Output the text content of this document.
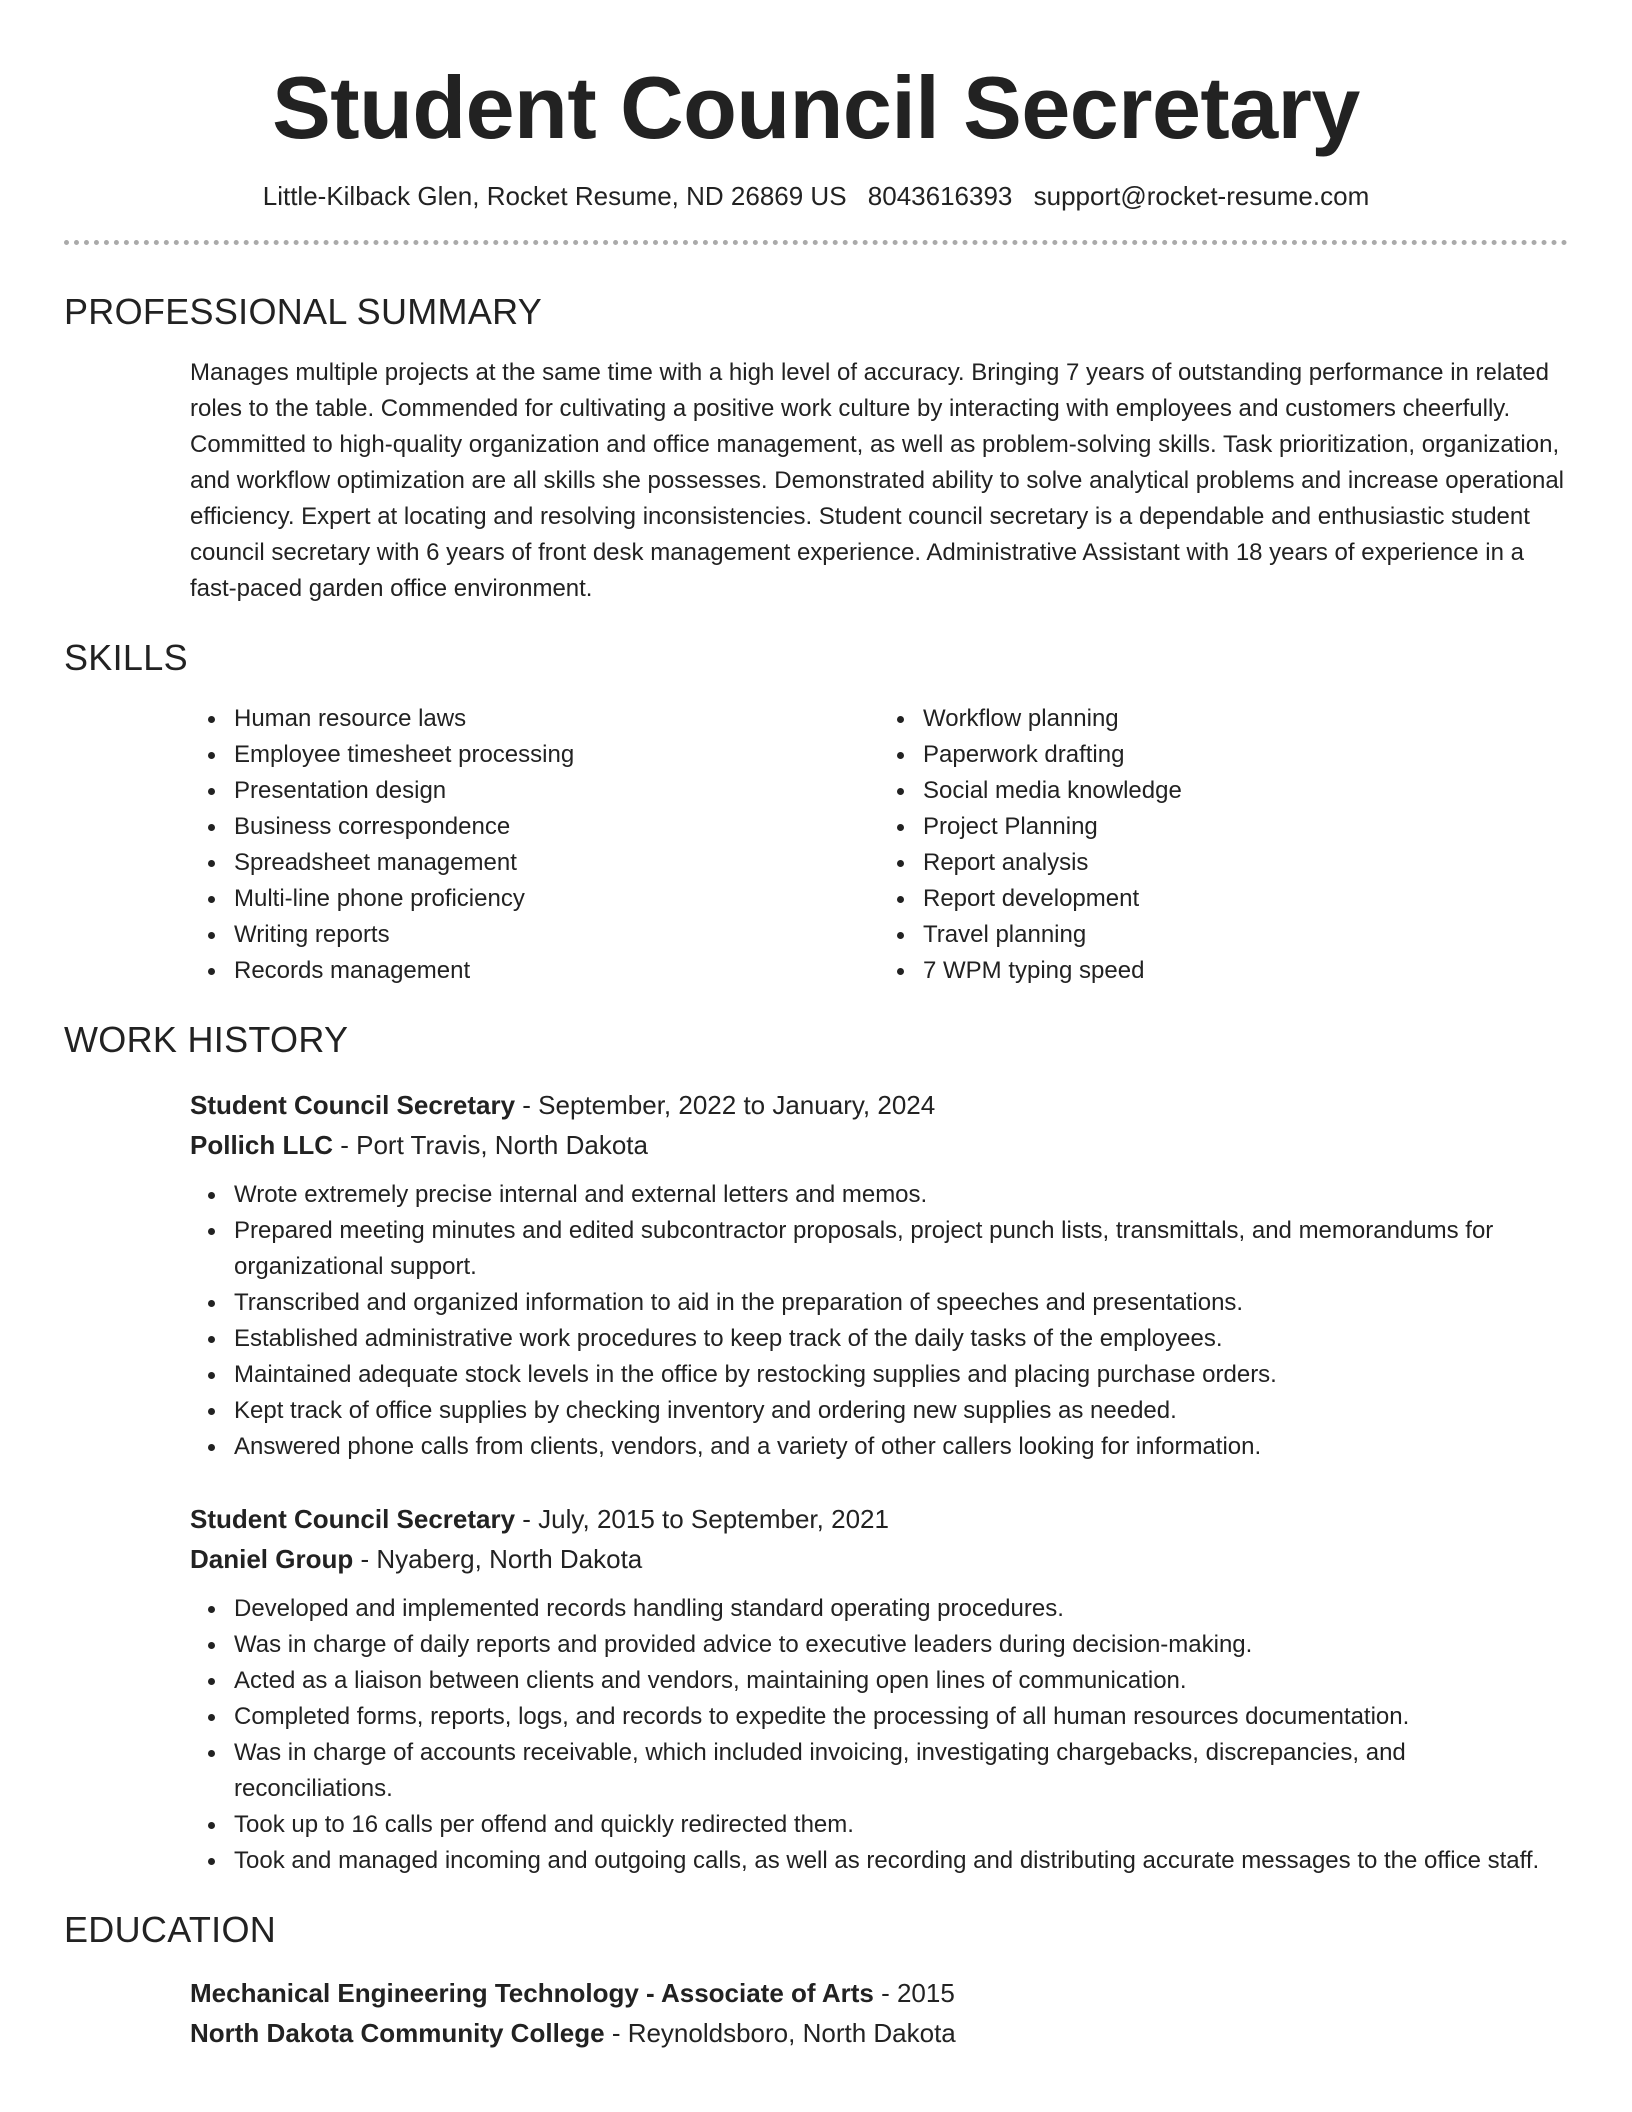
Student Council Secretary
Little-Kilback Glen, Rocket Resume, ND 26869 US 8043616393 support@rocket-resume.com
PROFESSIONAL SUMMARY
Manages multiple projects at the same time with a high level of accuracy. Bringing 7 years of outstanding performance in related roles to the table. Commended for cultivating a positive work culture by interacting with employees and customers cheerfully. Committed to high-quality organization and office management, as well as problem-solving skills. Task prioritization, organization, and workflow optimization are all skills she possesses. Demonstrated ability to solve analytical problems and increase operational efficiency. Expert at locating and resolving inconsistencies. Student council secretary is a dependable and enthusiastic student council secretary with 6 years of front desk management experience. Administrative Assistant with 18 years of experience in a fast-paced garden office environment.
SKILLS
Human resource laws
Employee timesheet processing
Presentation design
Business correspondence
Spreadsheet management
Multi-line phone proficiency
Writing reports
Records management
Workflow planning
Paperwork drafting
Social media knowledge
Project Planning
Report analysis
Report development
Travel planning
7 WPM typing speed
WORK HISTORY
Student Council Secretary - September, 2022 to January, 2024
Pollich LLC - Port Travis, North Dakota
Wrote extremely precise internal and external letters and memos.
Prepared meeting minutes and edited subcontractor proposals, project punch lists, transmittals, and memorandums for organizational support.
Transcribed and organized information to aid in the preparation of speeches and presentations.
Established administrative work procedures to keep track of the daily tasks of the employees.
Maintained adequate stock levels in the office by restocking supplies and placing purchase orders.
Kept track of office supplies by checking inventory and ordering new supplies as needed.
Answered phone calls from clients, vendors, and a variety of other callers looking for information.
Student Council Secretary - July, 2015 to September, 2021
Daniel Group - Nyaberg, North Dakota
Developed and implemented records handling standard operating procedures.
Was in charge of daily reports and provided advice to executive leaders during decision-making.
Acted as a liaison between clients and vendors, maintaining open lines of communication.
Completed forms, reports, logs, and records to expedite the processing of all human resources documentation.
Was in charge of accounts receivable, which included invoicing, investigating chargebacks, discrepancies, and reconciliations.
Took up to 16 calls per offend and quickly redirected them.
Took and managed incoming and outgoing calls, as well as recording and distributing accurate messages to the office staff.
EDUCATION
Mechanical Engineering Technology - Associate of Arts - 2015
North Dakota Community College - Reynoldsboro, North Dakota
